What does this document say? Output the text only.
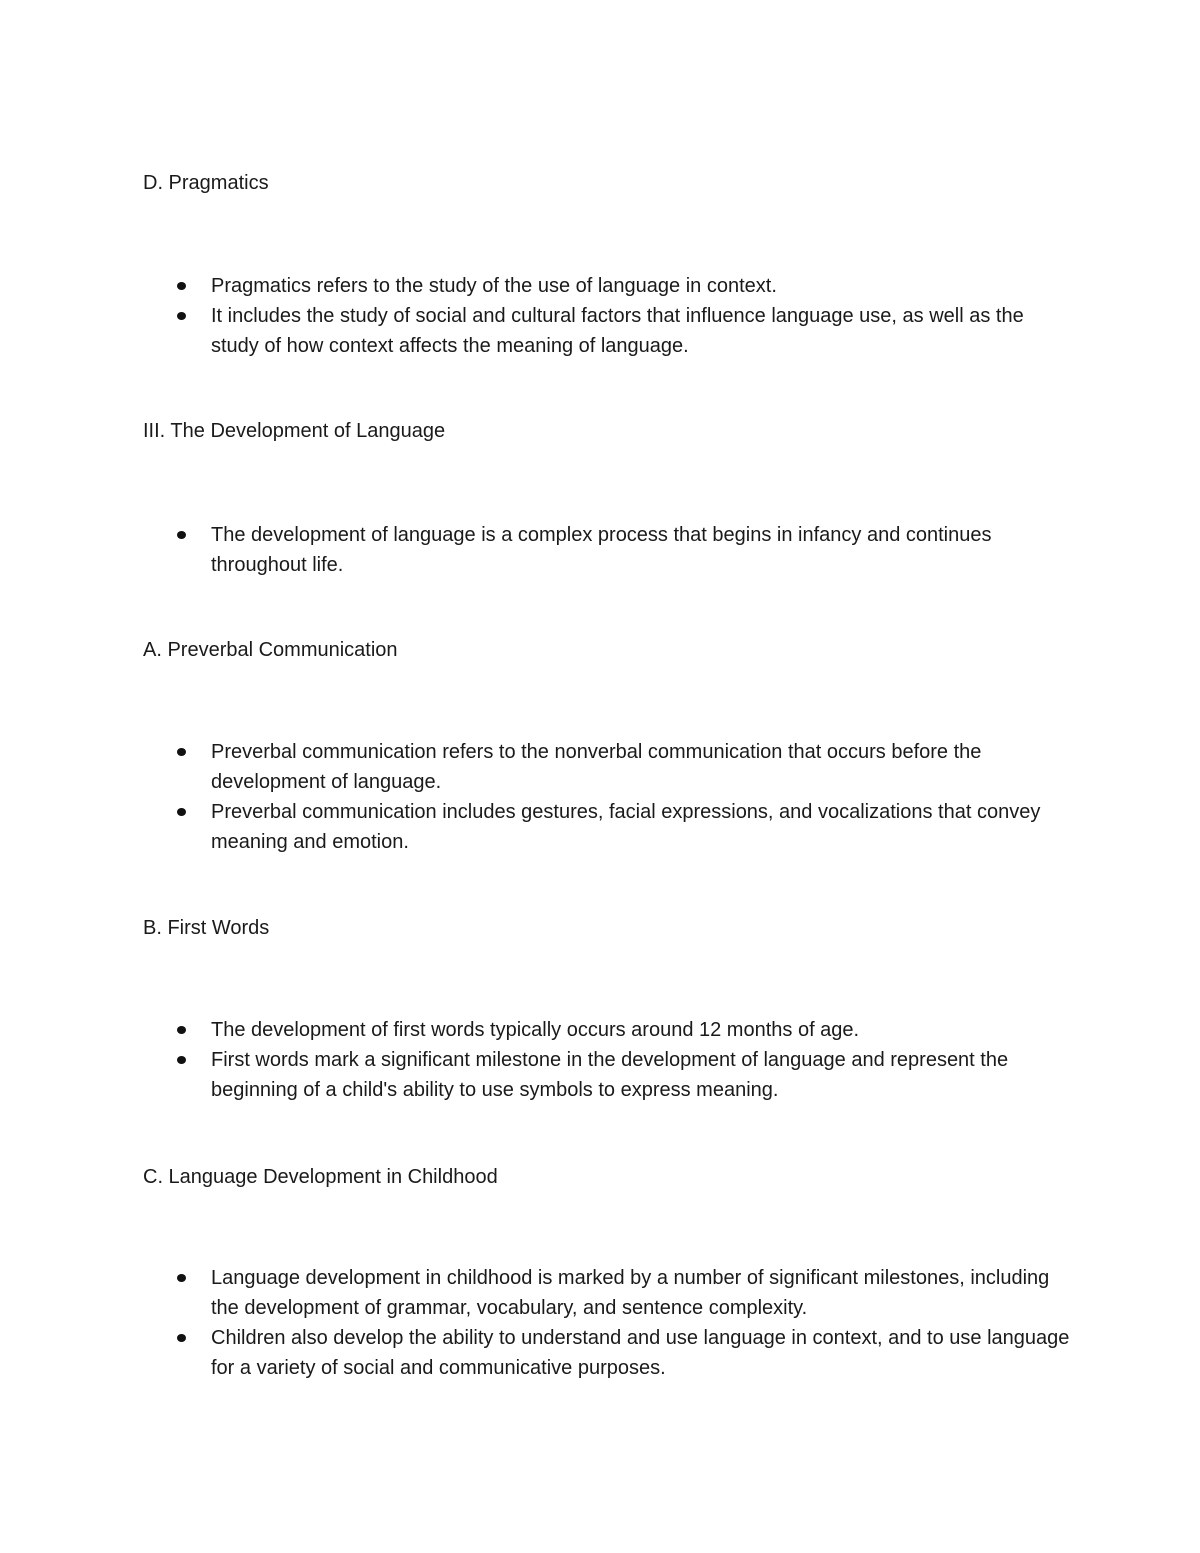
D. Pragmatics
Pragmatics refers to the study of the use of language in context.
It includes the study of social and cultural factors that influence language use, as well as the study of how context affects the meaning of language.
III. The Development of Language
The development of language is a complex process that begins in infancy and continues throughout life.
A. Preverbal Communication
Preverbal communication refers to the nonverbal communication that occurs before the development of language.
Preverbal communication includes gestures, facial expressions, and vocalizations that convey meaning and emotion.
B. First Words
The development of first words typically occurs around 12 months of age.
First words mark a significant milestone in the development of language and represent the beginning of a child's ability to use symbols to express meaning.
C. Language Development in Childhood
Language development in childhood is marked by a number of significant milestones, including the development of grammar, vocabulary, and sentence complexity.
Children also develop the ability to understand and use language in context, and to use language for a variety of social and communicative purposes.
